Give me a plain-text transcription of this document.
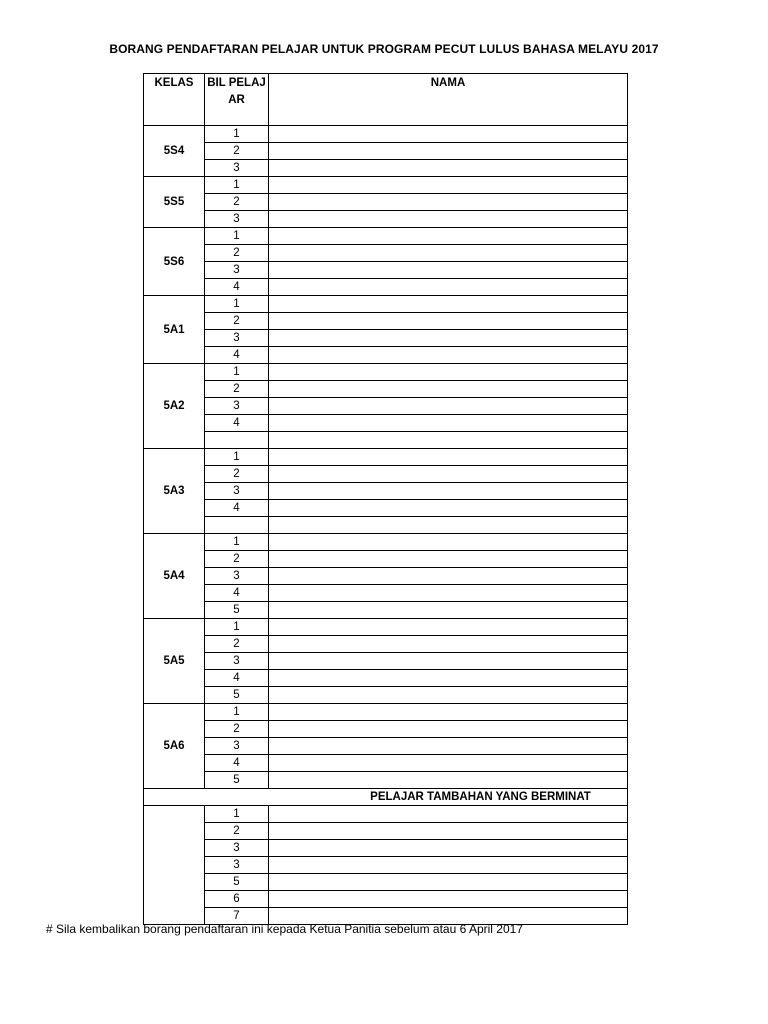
BORANG PENDAFTARAN PELAJAR UNTUK PROGRAM PECUT LULUS BAHASA MELAYU 2017
KELAS	BIL PELAJAR	NAMA
5S4	1	
	2	
	3	
5S5	1	
	2	
	3	
5S6	1	
	2	
	3	
	4	
5A1	1	
	2	
	3	
	4	
5A2	1	
	2	
	3	
	4	

5A3	1	
	2	
	3	
	4	

5A4	1	
	2	
	3	
	4	
	5	
5A5	1	
	2	
	3	
	4	
	5	
5A6	1	
	2	
	3	
	4	
	5	
PELAJAR TAMBAHAN YANG BERMINAT		
	1	
	2	
	3	
	3	
	5	
	6	
	7	
# Sila kembalikan borang pendaftaran ini kepada Ketua Panitia sebelum atau 6 April 2017
